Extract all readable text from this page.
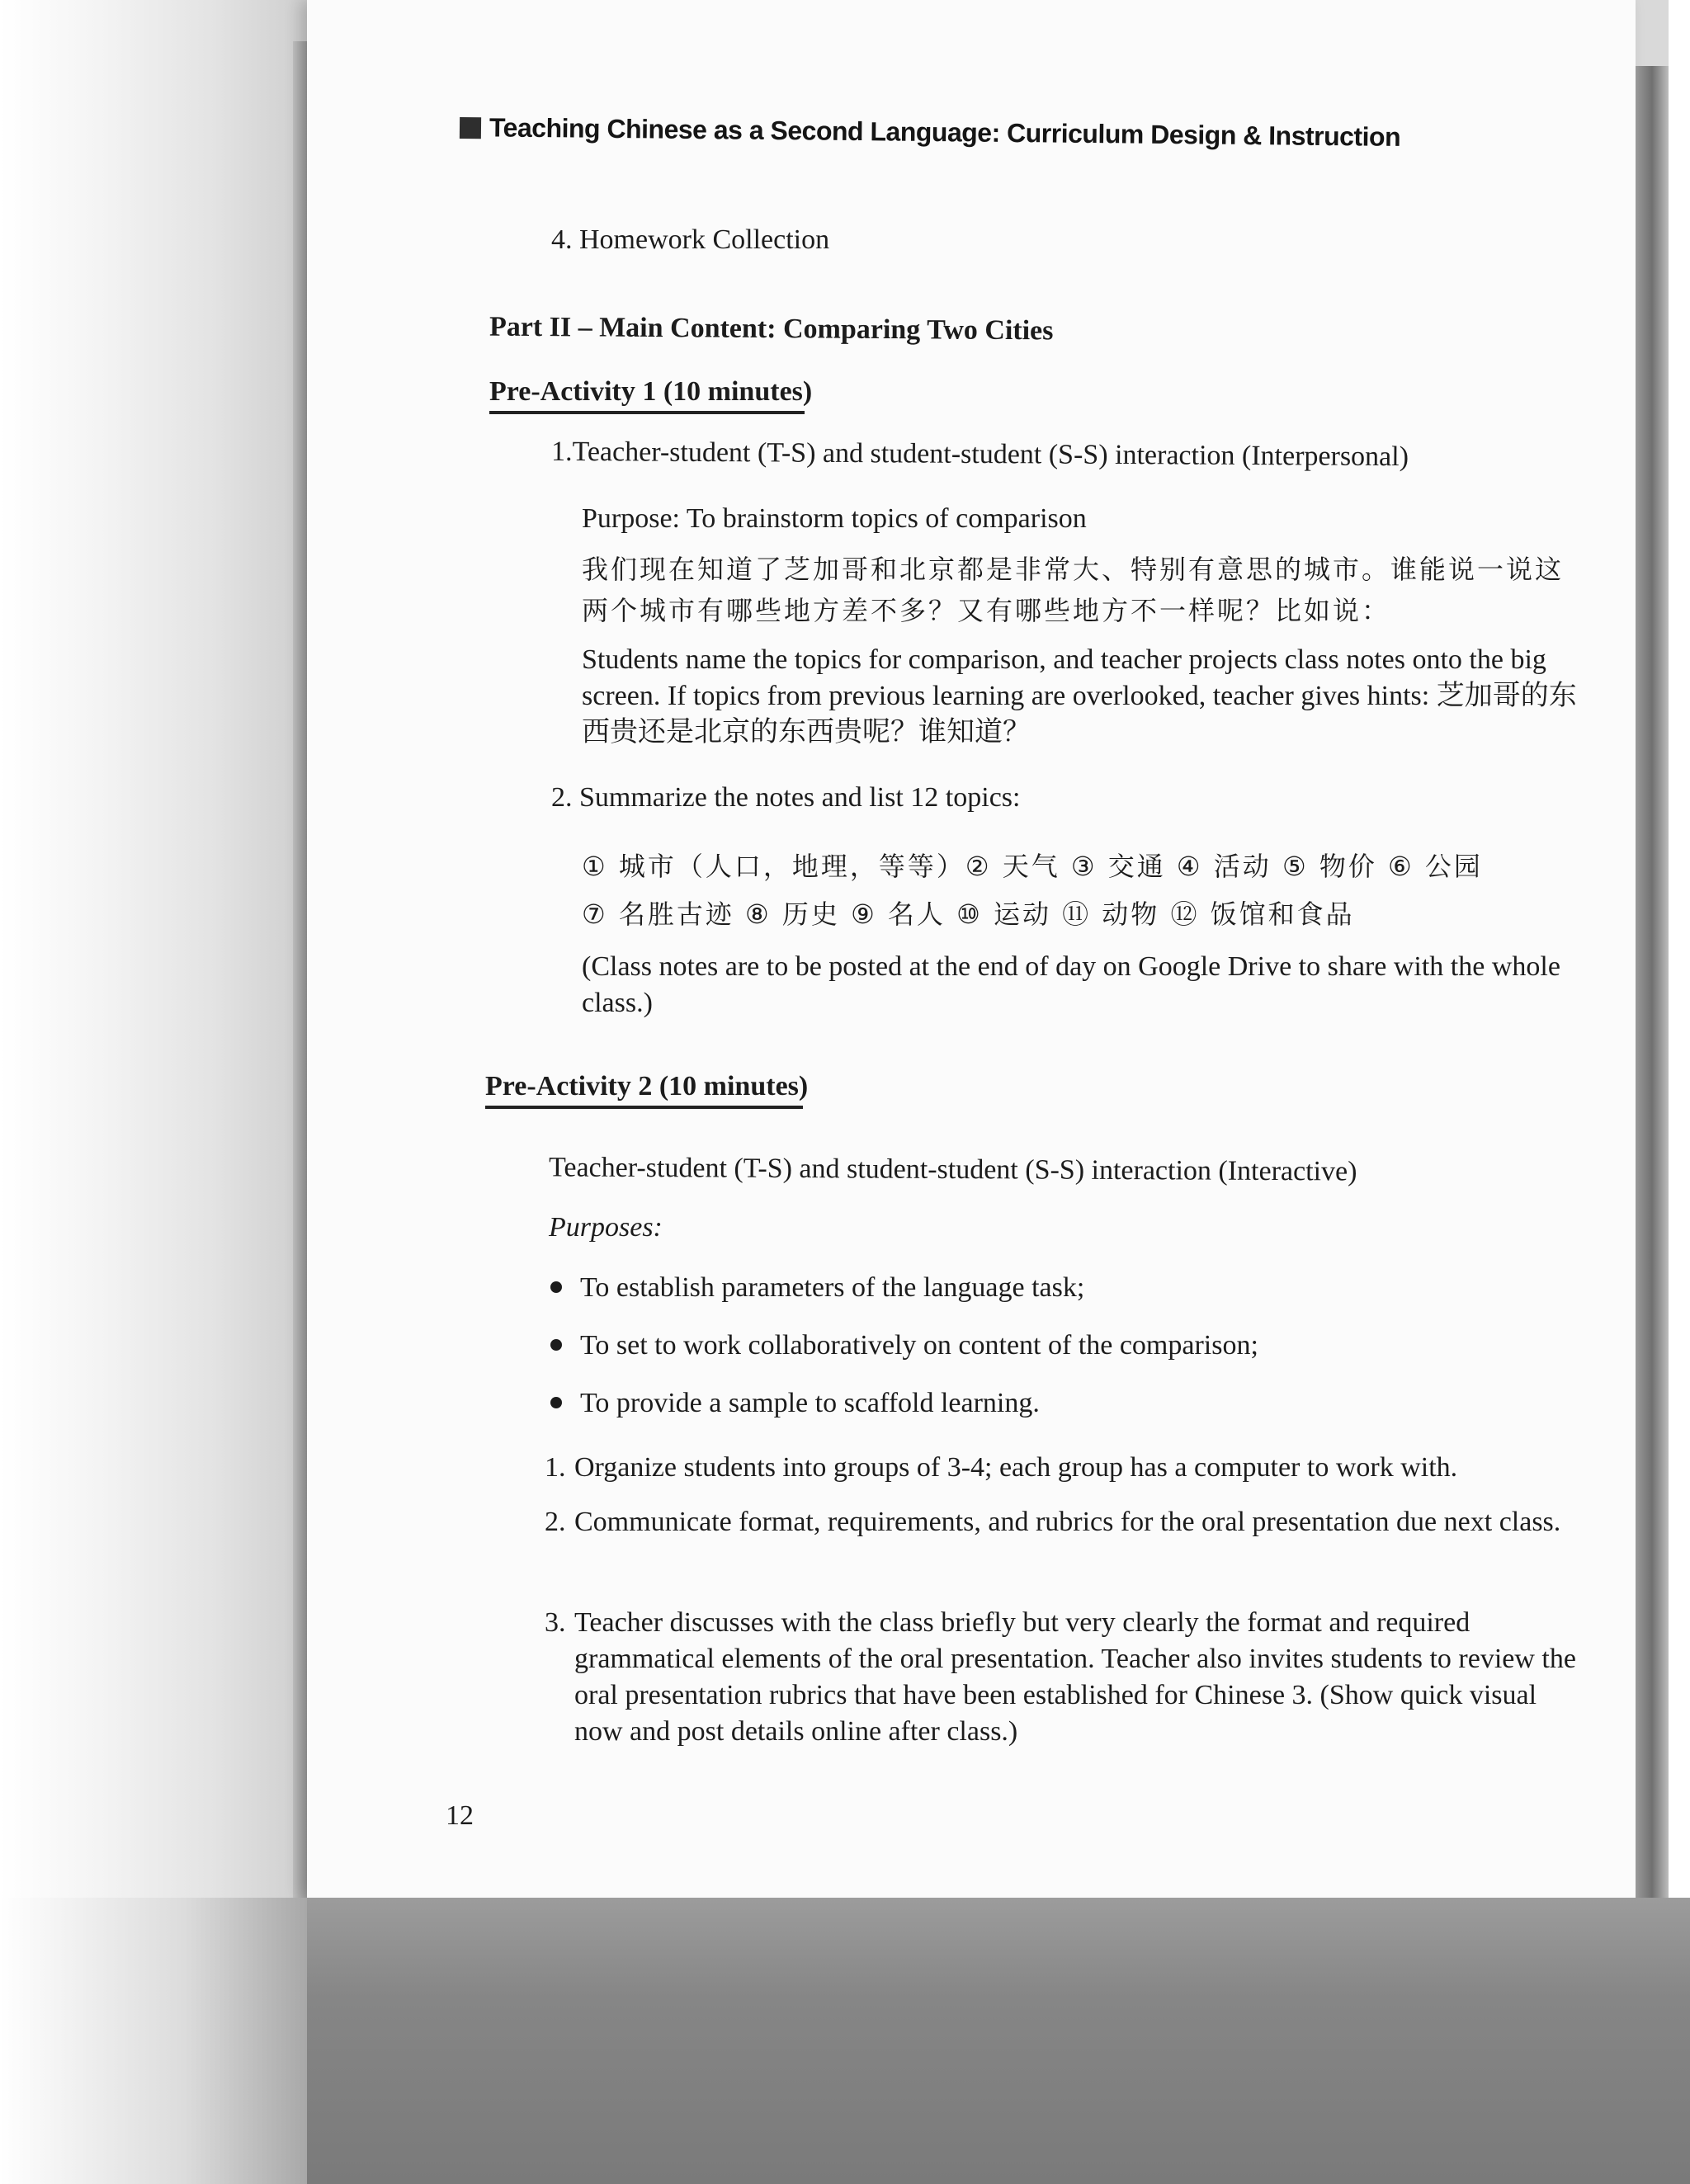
Teaching Chinese as a Second Language: Curriculum Design & Instruction
4. Homework Collection
Part II – Main Content: Comparing Two Cities
Pre-Activity 1 (10 minutes)
1.Teacher-student (T-S) and student-student (S-S) interaction (Interpersonal)
Purpose: To brainstorm topics of comparison
我们现在知道了芝加哥和北京都是非常大、特别有意思的城市。谁能说一说这两个城市有哪些地方差不多？又有哪些地方不一样呢？比如说：
Students name the topics for comparison, and teacher projects class notes onto the big screen. If topics from previous learning are overlooked, teacher gives hints: 芝加哥的东西贵还是北京的东西贵呢？谁知道？
2. Summarize the notes and list 12 topics:
① 城市（人口，地理，等等）② 天气 ③ 交通 ④ 活动 ⑤ 物价 ⑥ 公园
⑦ 名胜古迹 ⑧ 历史 ⑨ 名人 ⑩ 运动 ⑪ 动物 ⑫ 饭馆和食品
(Class notes are to be posted at the end of day on Google Drive to share with the whole class.)
Pre-Activity 2 (10 minutes)
Teacher-student (T-S) and student-student (S-S) interaction (Interactive)
Purposes:
To establish parameters of the language task;
To set to work collaboratively on content of the comparison;
To provide a sample to scaffold learning.
1. Organize students into groups of 3-4; each group has a computer to work with.
2. Communicate format, requirements, and rubrics for the oral presentation due next class.
3. Teacher discusses with the class briefly but very clearly the format and required grammatical elements of the oral presentation. Teacher also invites students to review the oral presentation rubrics that have been established for Chinese 3. (Show quick visual now and post details online after class.)
12
